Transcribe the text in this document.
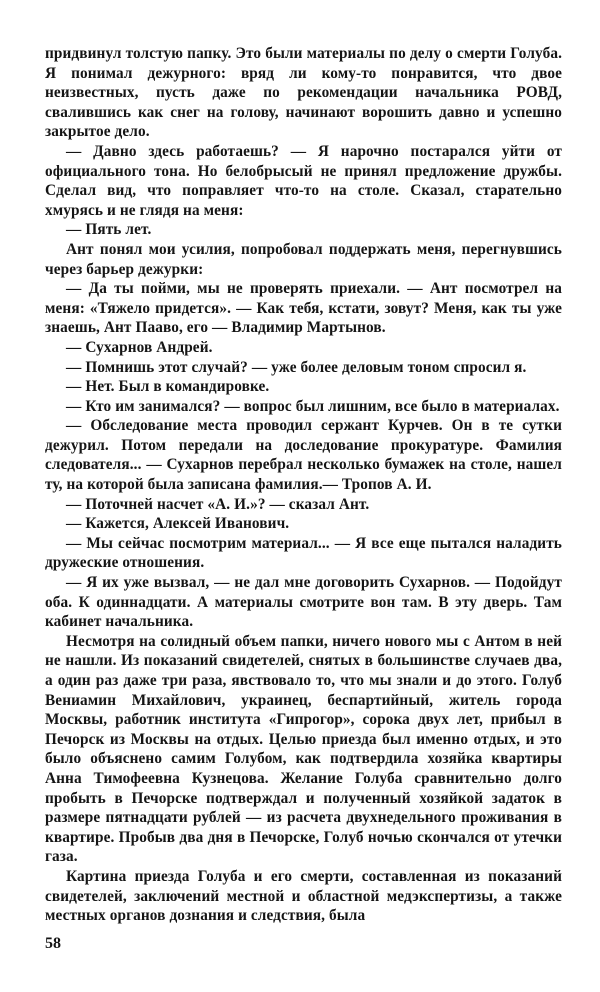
придвинул толстую папку. Это были материалы по делу о смерти Голуба. Я понимал дежурного: вряд ли кому-то понравится, что двое неизвестных, пусть даже по рекомендации начальника РОВД, свалившись как снег на голову, начинают ворошить давно и успешно закрытое дело.

— Давно здесь работаешь? — Я нарочно постарался уйти от официального тона. Но белобрысый не принял предложение дружбы. Сделал вид, что поправляет что-то на столе. Сказал, старательно хмурясь и не глядя на меня:

— Пять лет.

Ант понял мои усилия, попробовал поддержать меня, перегнувшись через барьер дежурки:

— Да ты пойми, мы не проверять приехали. — Ант посмотрел на меня: «Тяжело придется». — Как тебя, кстати, зовут? Меня, как ты уже знаешь, Ант Пааво, его — Владимир Мартынов.

— Сухарнов Андрей.

— Помнишь этот случай? — уже более деловым тоном спросил я.

— Нет. Был в командировке.

— Кто им занимался? — вопрос был лишним, все было в материалах.

— Обследование места проводил сержант Курчев. Он в те сутки дежурил. Потом передали на доследование прокуратуре. Фамилия следователя... — Сухарнов перебрал несколько бумажек на столе, нашел ту, на которой была записана фамилия.— Тропов А. И.

— Поточней насчет «А. И.»? — сказал Ант.

— Кажется, Алексей Иванович.

— Мы сейчас посмотрим материал... — Я все еще пытался наладить дружеские отношения.

— Я их уже вызвал, — не дал мне договорить Сухарнов. — Подойдут оба. К одиннадцати. А материалы смотрите вон там. В эту дверь. Там кабинет начальника.

Несмотря на солидный объем папки, ничего нового мы с Антом в ней не нашли. Из показаний свидетелей, снятых в большинстве случаев два, а один раз даже три раза, явствовало то, что мы знали и до этого. Голуб Вениамин Михайлович, украинец, беспартийный, житель города Москвы, работник института «Гипрогор», сорока двух лет, прибыл в Печорск из Москвы на отдых. Целью приезда был именно отдых, и это было объяснено самим Голубом, как подтвердила хозяйка квартиры Анна Тимофеевна Кузнецова. Желание Голуба сравнительно долго пробыть в Печорске подтверждал и полученный хозяйкой задаток в размере пятнадцати рублей — из расчета двухнедельного проживания в квартире. Пробыв два дня в Печорске, Голуб ночью скончался от утечки газа.

Картина приезда Голуба и его смерти, составленная из показаний свидетелей, заключений местной и областной медэкспертизы, а также местных органов дознания и следствия, была

58
